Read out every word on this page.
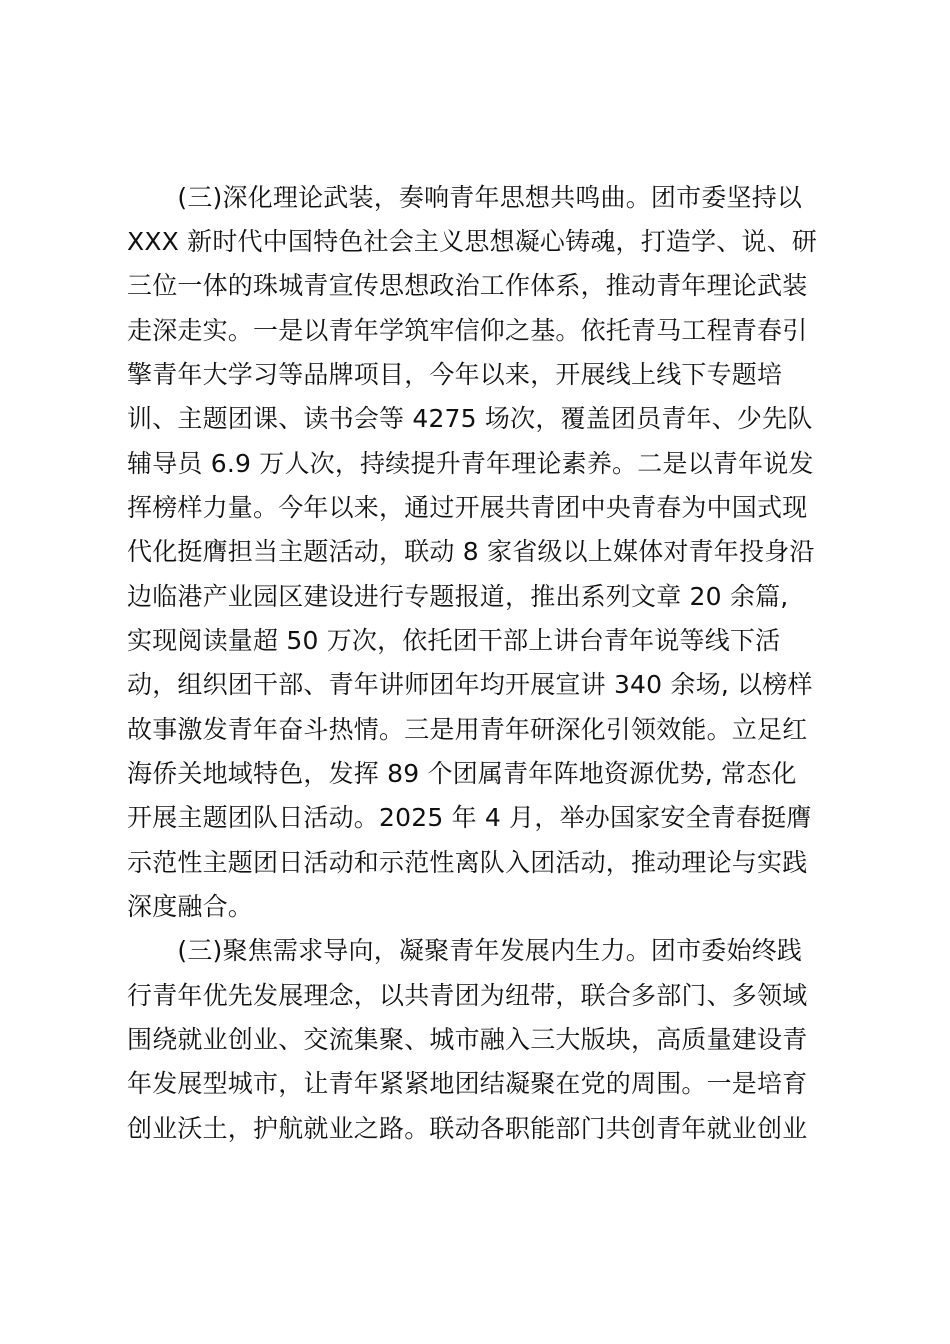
　　(三)深化理论武装，奏响青年思想共鸣曲。团市委坚持以
XXX 新时代中国特色社会主义思想凝心铸魂，打造学、说、研
三位一体的珠城青宣传思想政治工作体系，推动青年理论武装
走深走实。一是以青年学筑牢信仰之基。依托青马工程青春引
擎青年大学习等品牌项目，今年以来，开展线上线下专题培
训、主题团课、读书会等 4275 场次，覆盖团员青年、少先队
辅导员 6.9 万人次，持续提升青年理论素养。二是以青年说发
挥榜样力量。今年以来，通过开展共青团中央青春为中国式现
代化挺膺担当主题活动，联动 8 家省级以上媒体对青年投身沿
边临港产业园区建设进行专题报道，推出系列文章 20 余篇,
实现阅读量超 50 万次，依托团干部上讲台青年说等线下活
动，组织团干部、青年讲师团年均开展宣讲 340 余场, 以榜样
故事激发青年奋斗热情。三是用青年研深化引领效能。立足红
海侨关地域特色，发挥 89 个团属青年阵地资源优势, 常态化
开展主题团队日活动。2025 年 4 月，举办国家安全青春挺膺
示范性主题团日活动和示范性离队入团活动，推动理论与实践
深度融合。
　　(三)聚焦需求导向，凝聚青年发展内生力。团市委始终践
行青年优先发展理念，以共青团为纽带，联合多部门、多领域
围绕就业创业、交流集聚、城市融入三大版块，高质量建设青
年发展型城市，让青年紧紧地团结凝聚在党的周围。一是培育
创业沃土，护航就业之路。联动各职能部门共创青年就业创业
